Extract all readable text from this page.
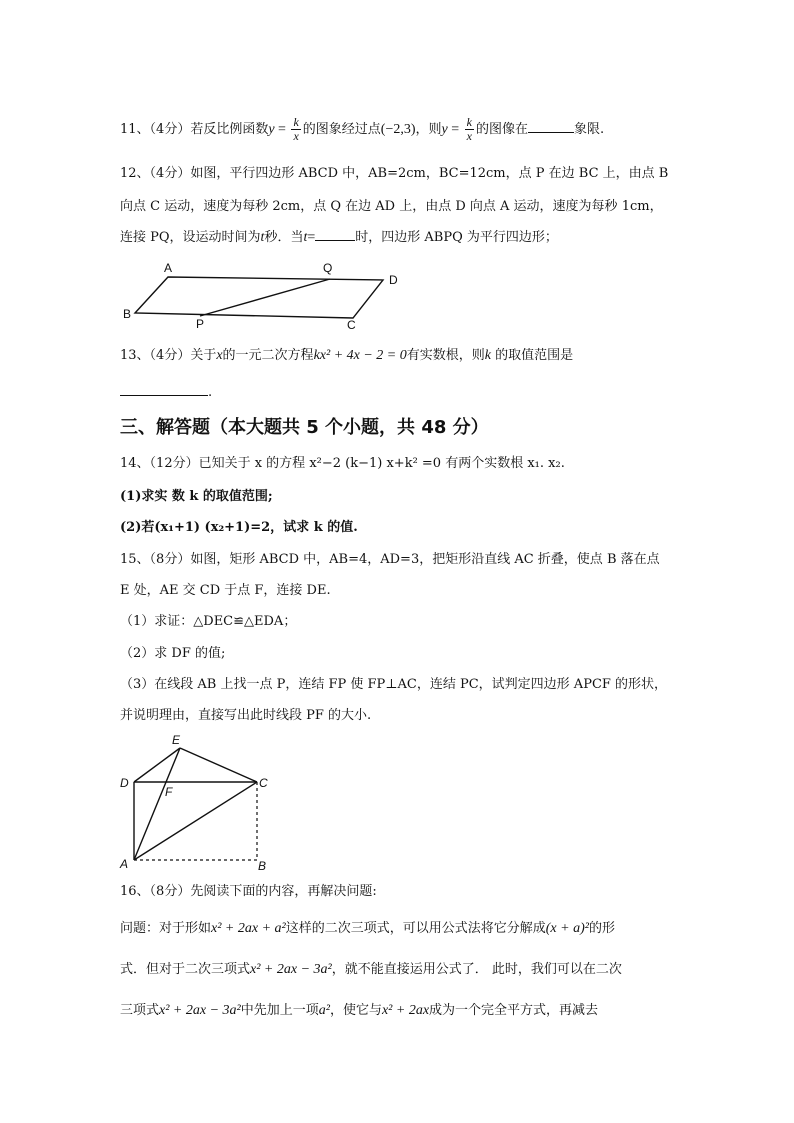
11、（4分）若反比例函数$y = \frac{k}{x}$ 的图象经过点(−2,3)，则$y = \frac{k}{x}$ 的图像在	象限.
12、（4分）如图，平行四边形 ABCD 中，AB=2cm，BC=12cm，点 P 在边 BC 上，由点 B
向点 C 运动，速度为每秒 2cm，点 Q 在边 AD 上，由点 D 向点 A 运动，速度为每秒 1cm，
连接 PQ，设运动时间为t秒．当t=	时，四边形 ABPQ 为平行四边形；
A	Q
D
B
P	C
13、（4分）关于x的一元二次方程kx² + 4x − 2 = 0有实数根，则k 的取值范围是
.
三、解答题（本大题共 5 个小题，共 48 分）
14、（12分）已知关于 x 的方程 x²−2 (k−1) x+k² =0 有两个实数根 x₁. x₂.
(1)求实 数 k 的取值范围;
(2)若(x₁+1) (x₂+1)=2，试求 k 的值.
15、（8分）如图，矩形 ABCD 中，AB=4，AD=3，把矩形沿直线 AC 折叠，使点 B 落在点
E 处，AE 交 CD 于点 F，连接 DE.
（1）求证：△DEC≌△EDA；
（2）求 DF 的值;
（3）在线段 AB 上找一点 P，连结 FP 使 FP⊥AC，连结 PC，试判定四边形 APCF 的形状，
并说明理由，直接写出此时线段 PF 的大小.
E
D
F
C
A	B
16、（8分）先阅读下面的内容，再解决问题:
问题：对于形如x² + 2ax + a²这样的二次三项式，可以用公式法将它分解成(x + a)²的形
式．但对于二次三项式x² + 2ax − 3a²，就不能直接运用公式了． 此时，我们可以在二次
三项式x² + 2ax − 3a²中先加上一项a²，使它与x² + 2ax成为一个完全平方式，再减去
